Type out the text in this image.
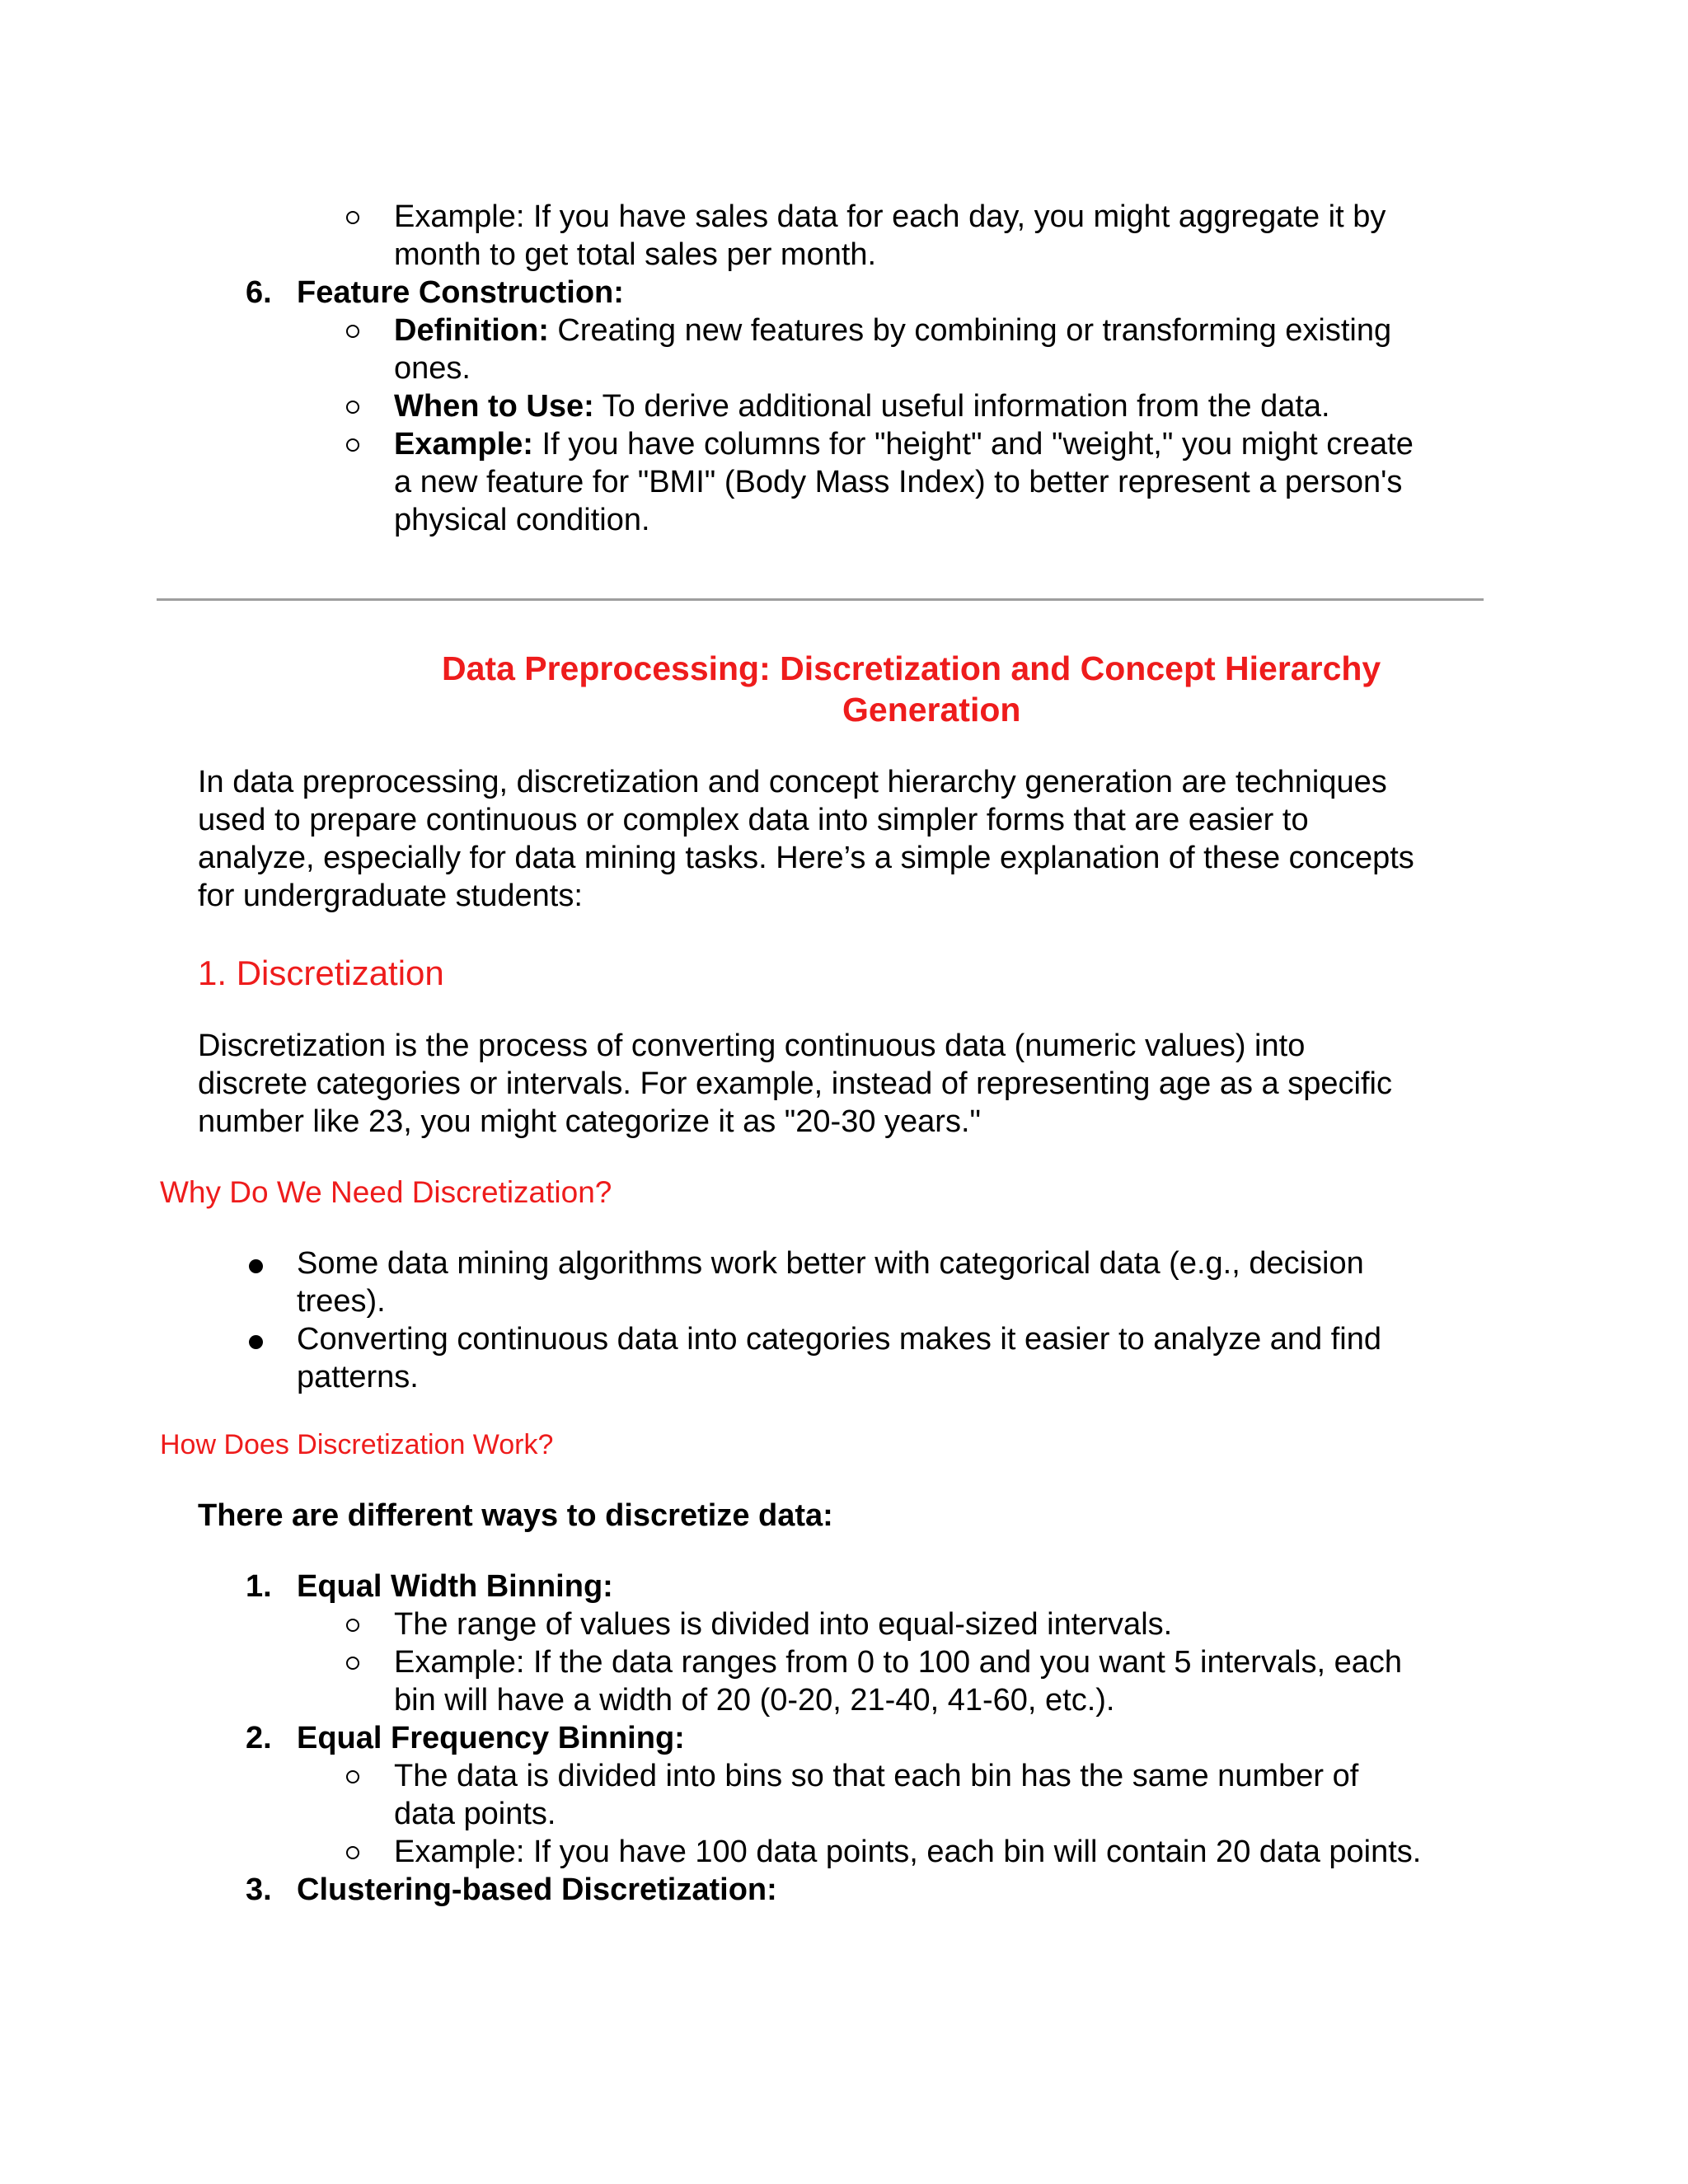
Example: If you have sales data for each day, you might aggregate it by
month to get total sales per month.
6. Feature Construction:
Definition: Creating new features by combining or transforming existing
ones.
When to Use: To derive additional useful information from the data.
Example: If you have columns for "height" and "weight," you might create
a new feature for "BMI" (Body Mass Index) to better represent a person's
physical condition.
Data Preprocessing: Discretization and Concept Hierarchy
Generation
In data preprocessing, discretization and concept hierarchy generation are techniques
used to prepare continuous or complex data into simpler forms that are easier to
analyze, especially for data mining tasks. Here’s a simple explanation of these concepts
for undergraduate students:
1. Discretization
Discretization is the process of converting continuous data (numeric values) into
discrete categories or intervals. For example, instead of representing age as a specific
number like 23, you might categorize it as "20-30 years."
Why Do We Need Discretization?
Some data mining algorithms work better with categorical data (e.g., decision
trees).
Converting continuous data into categories makes it easier to analyze and find
patterns.
How Does Discretization Work?
There are different ways to discretize data:
1. Equal Width Binning:
The range of values is divided into equal-sized intervals.
Example: If the data ranges from 0 to 100 and you want 5 intervals, each
bin will have a width of 20 (0-20, 21-40, 41-60, etc.).
2. Equal Frequency Binning:
The data is divided into bins so that each bin has the same number of
data points.
Example: If you have 100 data points, each bin will contain 20 data points.
3. Clustering-based Discretization:
